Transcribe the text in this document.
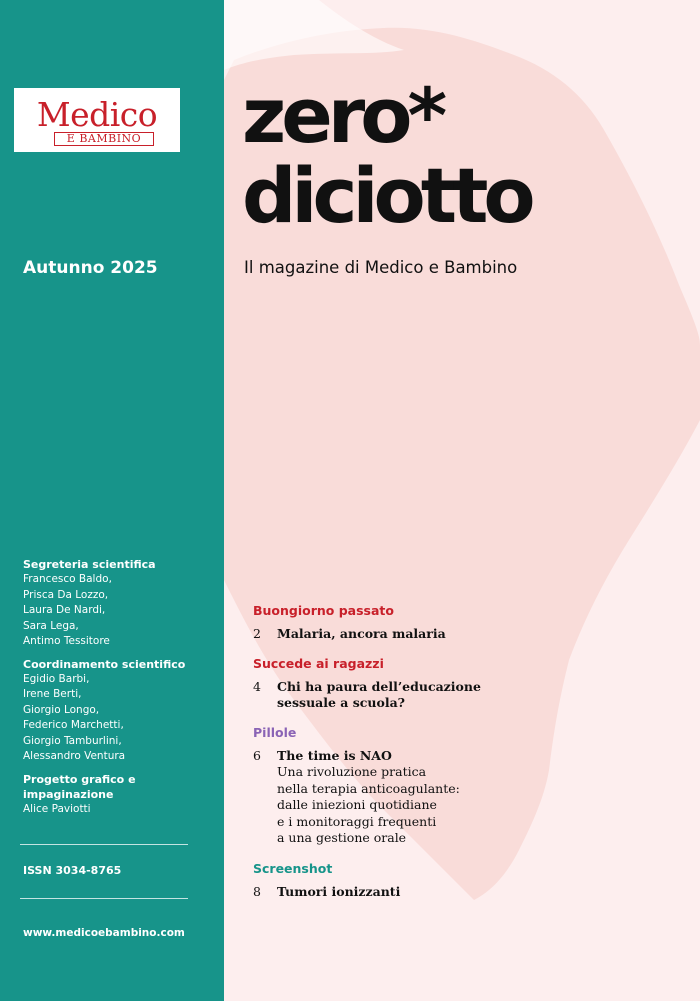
Medico
E BAMBINO
Autunno 2025
Segreteria scientifica
Francesco Baldo,
Prisca Da Lozzo,
Laura De Nardi,
Sara Lega,
Antimo Tessitore
Coordinamento scientifico
Egidio Barbi,
Irene Berti,
Giorgio Longo,
Federico Marchetti,
Giorgio Tamburlini,
Alessandro Ventura
Progetto grafico e impaginazione
Alice Paviotti
ISSN 3034-8765
www.medicoebambino.com
zero*
diciotto
Il magazine di Medico e Bambino
Buongiorno passato
2	Malaria, ancora malaria
Succede ai ragazzi
4	Chi ha paura dell’educazione
sessuale a scuola?
Pillole
6	The time is NAO
Una rivoluzione pratica
nella terapia anticoagulante:
dalle iniezioni quotidiane
e i monitoraggi frequenti
a una gestione orale
Screenshot
8	Tumori ionizzanti
